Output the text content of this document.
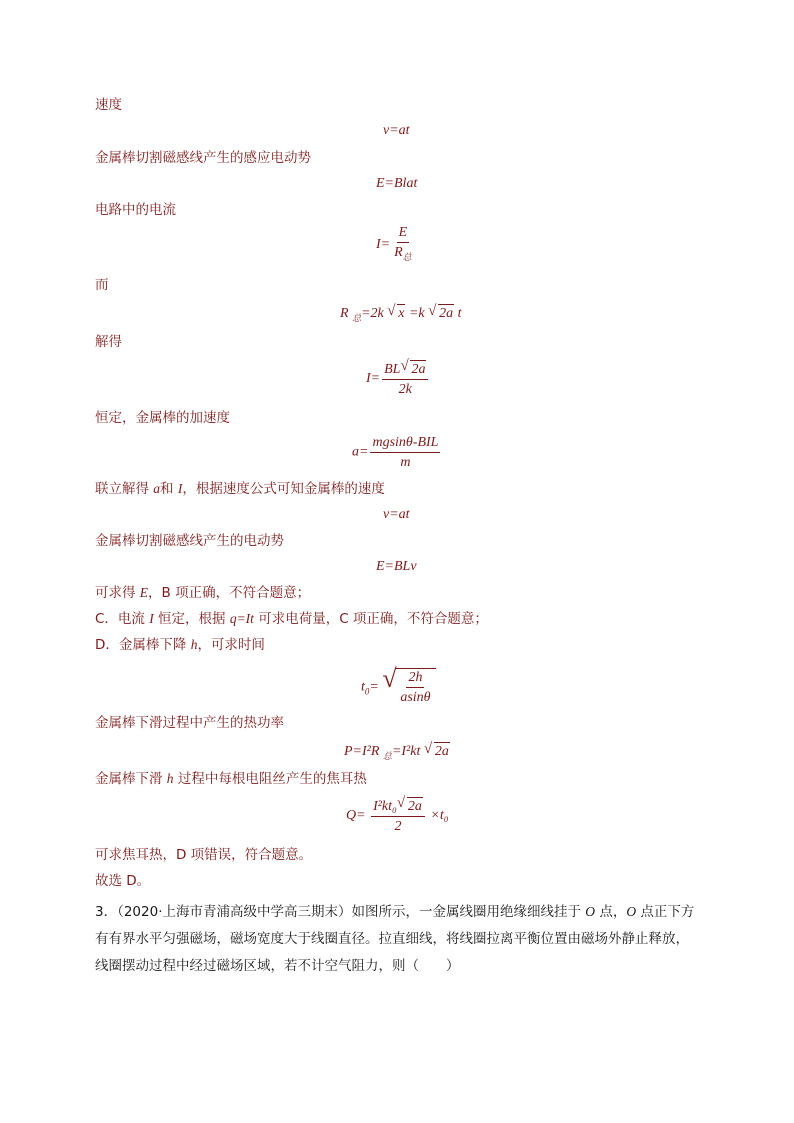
速度
v=at
金属棒切割磁感线产生的感应电动势
E=Blat
电路中的电流
$I= \frac{E}{R_总}$
而
R $_总$=2k √ x =k √ 2a t
解得
$I= \frac{BL √ 2a}{2k}$
恒定，金属棒的加速度
$a= \frac{\text{mgsinθ-BIL}}{m}$
联立解得 a和 I，根据速度公式可知金属棒的速度
v=at
金属棒切割磁感线产生的电动势
E=BLv
可求得 E，B 项正确，不符合题意；
C．电流 I 恒定，根据 q=It 可求电荷量，C 项正确，不符合题意；
D．金属棒下降 h，可求时间
$t_0=$ √ $\frac{2h}{asin\theta}$
金属棒下滑过程中产生的热功率
P=I²R $_总$=I²kt √ 2a
金属棒下滑 h 过程中每根电阻丝产生的焦耳热
$Q= \frac{\text{I²kt₀ √ 2a}}{2} \times t_0$
可求焦耳热，D 项错误，符合题意。
故选 D。
3．（2020·上海市青浦高级中学高三期末）如图所示，一金属线圈用绝缘细线挂于 O 点，O 点正下方有有界水平匀强磁场，磁场宽度大于线圈直径。拉直细线，将线圈拉离平衡位置由磁场外静止释放，线圈摆动过程中经过磁场区域，若不计空气阻力，则（　　）
